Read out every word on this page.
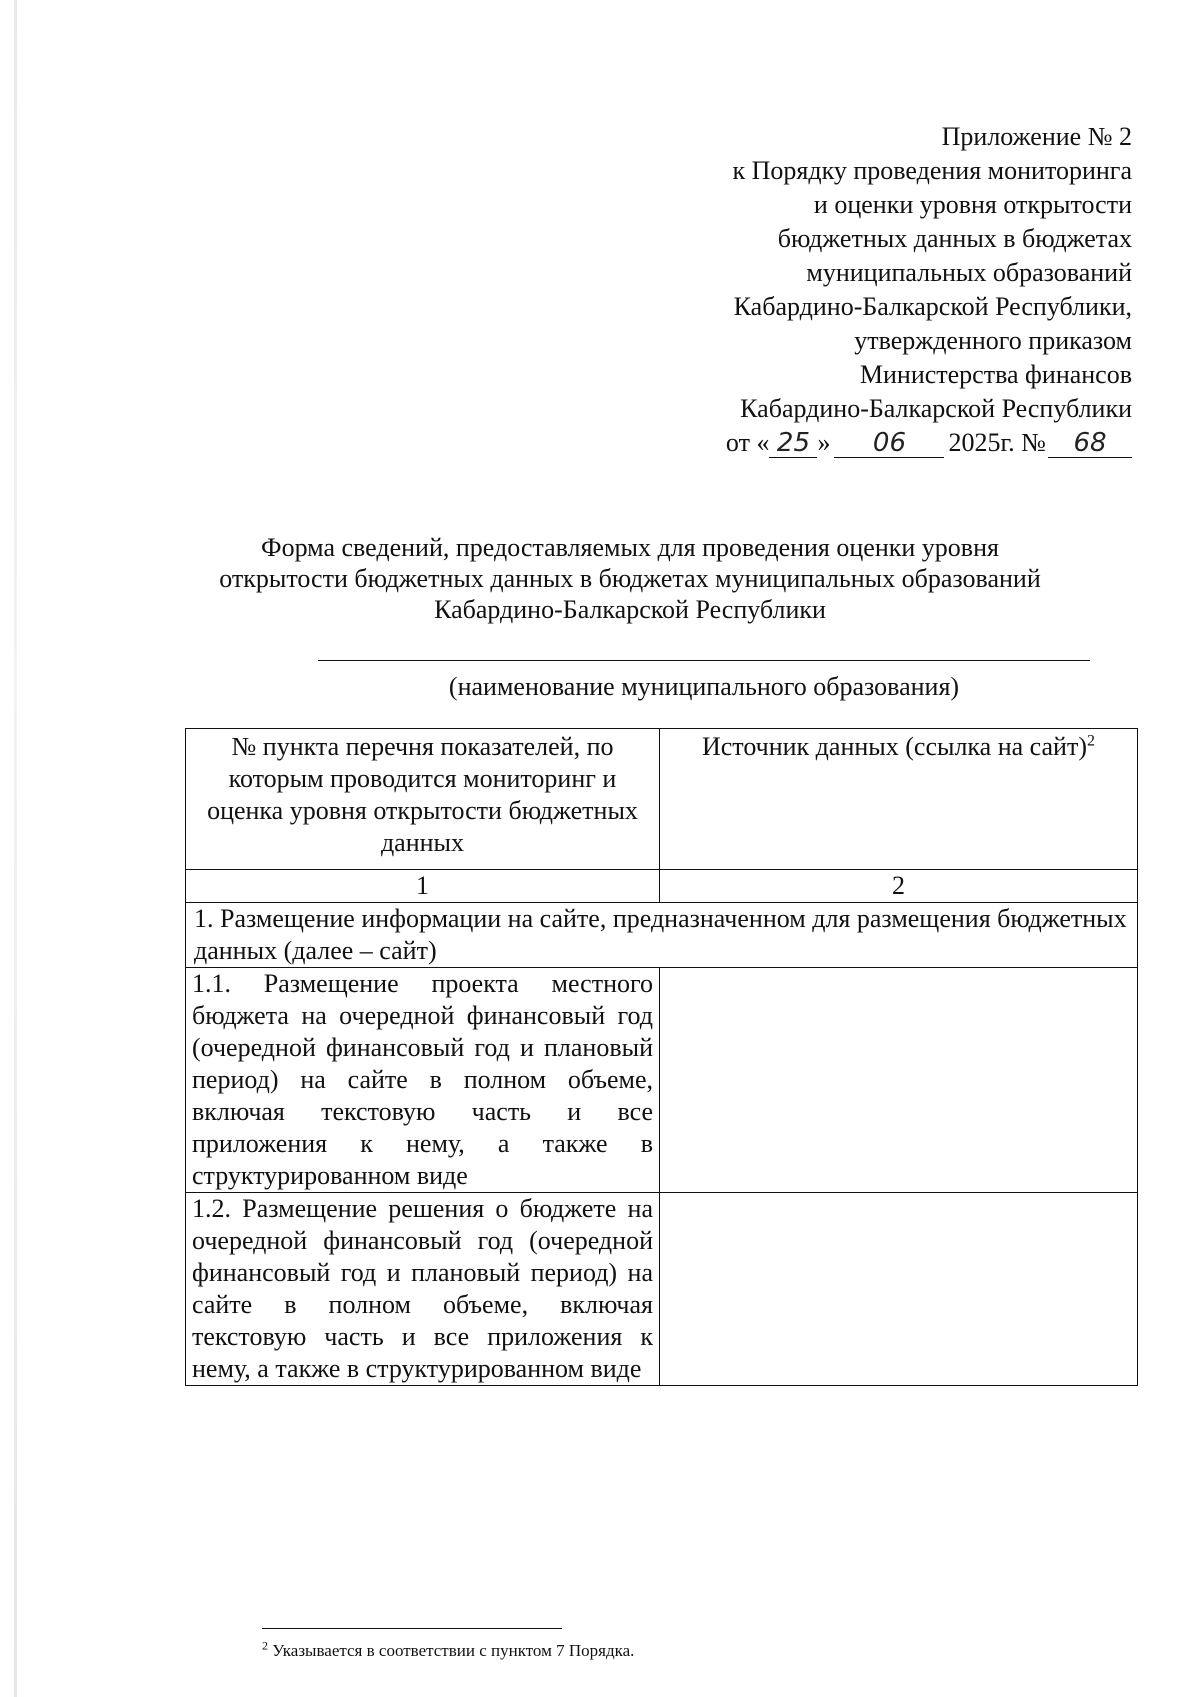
Приложение № 2
к Порядку проведения мониторинга
и оценки уровня открытости
бюджетных данных в бюджетах
муниципальных образований
Кабардино-Балкарской Республики,
утвержденного приказом
Министерства финансов
Кабардино-Балкарской Республики
от « 25 » 06 2025г. № 68
Форма сведений, предоставляемых для проведения оценки уровня
открытости бюджетных данных в бюджетах муниципальных образований
Кабардино-Балкарской Республики
(наименование муниципального образования)
№ пункта перечня показателей, по которым проводится мониторинг и оценка уровня открытости бюджетных данных	Источник данных (ссылка на сайт)$^2$
1	2
1. Размещение информации на сайте, предназначенном для размещения бюджетных данных (далее – сайт)	
1.1. Размещение проекта местного бюджета на очередной финансовый год (очередной финансовый год и плановый период) на сайте в полном объеме, включая текстовую часть и все приложения к нему, а также в структурированном виде	
1.2. Размещение решения о бюджете на очередной финансовый год (очередной финансовый год и плановый период) на сайте в полном объеме, включая текстовую часть и все приложения к нему, а также в структурированном виде	
$^2$ Указывается в соответствии с пунктом 7 Порядка.
